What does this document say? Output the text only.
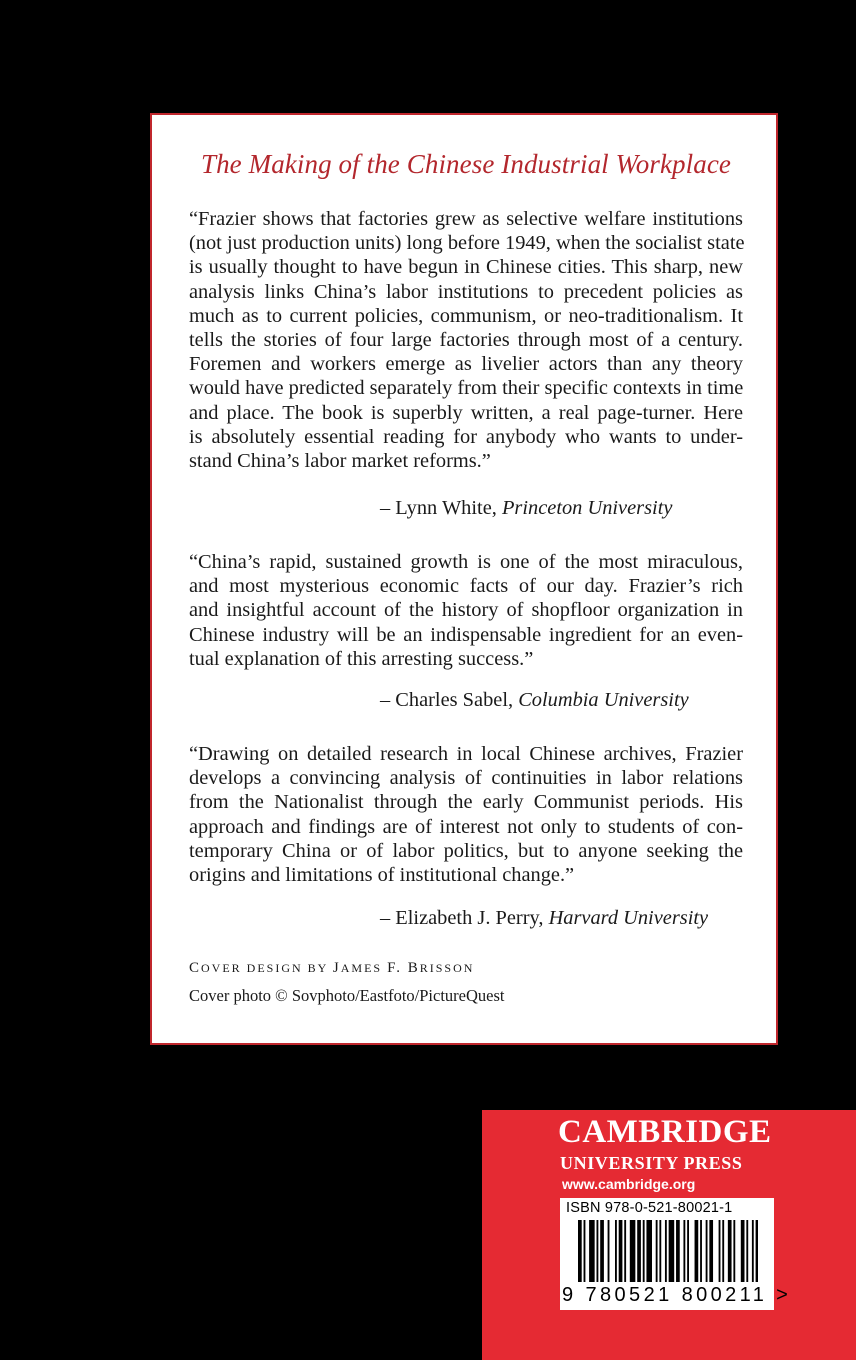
The Making of the Chinese Industrial Workplace
“Frazier shows that factories grew as selective welfare institutions
(not just production units) long before 1949, when the socialist state
is usually thought to have begun in Chinese cities. This sharp, new
analysis links China’s labor institutions to precedent policies as
much as to current policies, communism, or neo-traditionalism. It
tells the stories of four large factories through most of a century.
Foremen and workers emerge as livelier actors than any theory
would have predicted separately from their specific contexts in time
and place. The book is superbly written, a real page-turner. Here
is absolutely essential reading for anybody who wants to under-
stand China’s labor market reforms.”
– Lynn White, Princeton University
“China’s rapid, sustained growth is one of the most miraculous,
and most mysterious economic facts of our day. Frazier’s rich
and insightful account of the history of shopfloor organization in
Chinese industry will be an indispensable ingredient for an even-
tual explanation of this arresting success.”
– Charles Sabel, Columbia University
“Drawing on detailed research in local Chinese archives, Frazier
develops a convincing analysis of continuities in labor relations
from the Nationalist through the early Communist periods. His
approach and findings are of interest not only to students of con-
temporary China or of labor politics, but to anyone seeking the
origins and limitations of institutional change.”
– Elizabeth J. Perry, Harvard University
COVER DESIGN BY JAMES F. BRISSON
Cover photo © Sovphoto/Eastfoto/PictureQuest
CAMBRIDGE
UNIVERSITY PRESS
www.cambridge.org
ISBN 978-0-521-80021-1
9 780521 800211 >
